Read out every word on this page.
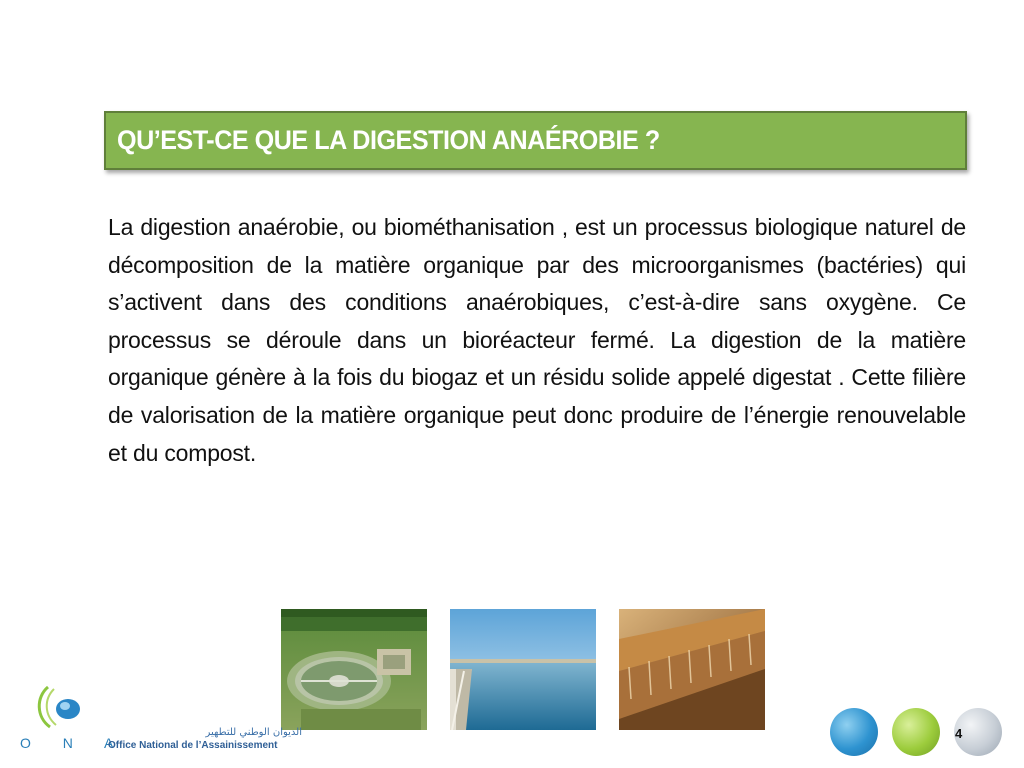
QU’EST-CE QUE LA DIGESTION ANAÉROBIE ?

La digestion anaérobie, ou biométhanisation , est un processus biologique naturel de décomposition de la matière organique par des microorganismes (bactéries) qui s’activent dans des conditions anaérobiques, c’est-à-dire sans oxygène. Ce processus se déroule dans un bioréacteur fermé. La digestion de la matière organique génère à la fois du biogaz et un résidu solide appelé digestat . Cette filière de valorisation de la matière organique peut donc produire de l’énergie renouvelable et du compost.

الديوان الوطني للتطهير
O N A
Office National de l’Assainissement
4
